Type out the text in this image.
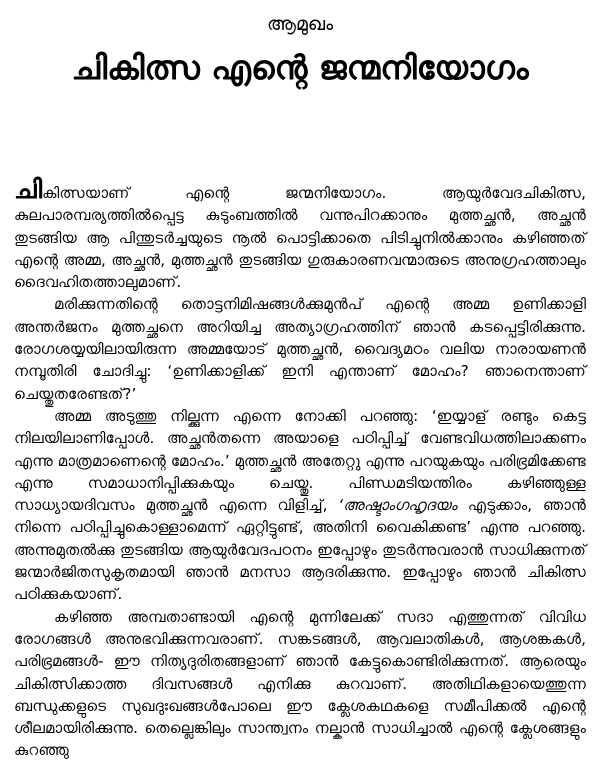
ആമുഖം
ചികിത്സ എന്റെ ജന്മനിയോഗം

ചികിത്സയാണ് എന്റെ ജന്മനിയോഗം. ആയുർവേദചികിത്സ, കുലപാരമ്പര്യത്തിൽപ്പെട്ട കുടുംബത്തിൽ വന്നുപിറക്കാനും മുത്തച്ഛൻ, അച്ഛൻ തുടങ്ങിയ ആ പിന്തുടർച്ചയുടെ നൂൽ പൊട്ടിക്കാതെ പിടിച്ചുനിൽക്കാനും കഴിഞ്ഞത് എന്റെ അമ്മ, അച്ഛൻ, മുത്തച്ഛൻ തുടങ്ങിയ ഗുരുകാരണവന്മാരുടെ അനുഗ്രഹത്താലും ദൈവഹിതത്താലുമാണ്.

മരിക്കുന്നതിന്റെ തൊട്ടനിമിഷങ്ങൾക്കുമുൻപ് എന്റെ അമ്മ ഉണിക്കാളി അന്തർജനം മുത്തച്ഛനെ അറിയിച്ച അത്യാഗ്രഹത്തിന് ഞാൻ കടപ്പെട്ടിരിക്കുന്നു. രോഗശയ്യയിലായിരുന്ന അമ്മയോട് മുത്തച്ഛൻ, വൈദ്യമഠം വലിയ നാരായണൻ നമ്പൂതിരി ചോദിച്ചു: ‘ഉണിക്കാളിക്ക് ഇനി എന്താണ് മോഹം? ഞാനെന്താണ് ചെയ്തുതരേണ്ടത്?’

അമ്മ അടുത്തു നില്ക്കുന്ന എന്നെ നോക്കി പറഞ്ഞു: ‘ഇയ്യാള് രണ്ടും കെട്ട നിലയിലാണിപ്പോൾ. അച്ഛൻതന്നെ അയാളെ പഠിപ്പിച്ച് വേണ്ടവിധത്തിലാക്കണം എന്നു മാത്രമാണെന്റെ മോഹം.’ മുത്തച്ഛൻ അതേറ്റു എന്നു പറയുകയും പരിഭ്രമിക്കേണ്ട എന്നു സമാധാനിപ്പിക്കുകയും ചെയ്തു. പിണ്ഡമടിയന്തിരം കഴിഞ്ഞുള്ള സാധ്യായദിവസം മുത്തച്ഛൻ എന്നെ വിളിച്ച്, ‘അഷ്ടാംഗഹൃദയം എടുക്കാം, ഞാൻ നിന്നെ പഠിപ്പിച്ചുകൊള്ളാമെന്ന് ഏറ്റിട്ടുണ്ട്, അതിനി വൈകിക്കണ്ട’ എന്നു പറഞ്ഞു. അന്നുമുതൽക്കു തുടങ്ങിയ ആയുർവേദപഠനം ഇപ്പോഴും തുടർന്നുവരാൻ സാധിക്കുന്നത് ജന്മാർജിതസുകൃതമായി ഞാൻ മനസാ ആദരിക്കുന്നു. ഇപ്പോഴും ഞാൻ ചികിത്സ പഠിക്കുകയാണ്.

കഴിഞ്ഞ അമ്പതാണ്ടായി എന്റെ മുന്നിലേക്ക് സദാ എത്തുന്നത് വിവിധ രോഗങ്ങൾ അനുഭവിക്കുന്നവരാണ്. സങ്കടങ്ങൾ, ആവലാതികൾ, ആശങ്കകൾ, പരിഭ്രമങ്ങൾ- ഈ നിത്യദുരിതങ്ങളാണ് ഞാൻ കേട്ടുകൊണ്ടിരിക്കുന്നത്. ആരെയും ചികിത്സിക്കാത്ത ദിവസങ്ങൾ എനിക്കു കുറവാണ്. അതിഥികളായെത്തുന്ന ബന്ധുക്കളുടെ സുഖദുഃഖങ്ങൾപോലെ ഈ ക്ലേശകഥകളെ സമീപിക്കൽ എന്റെ ശീലമായിരിക്കുന്നു. തെല്ലെങ്കിലും സാന്ത്വനം നല്കാൻ സാധിച്ചാൽ എന്റെ ക്ലേശങ്ങളും കുറഞ്ഞു
